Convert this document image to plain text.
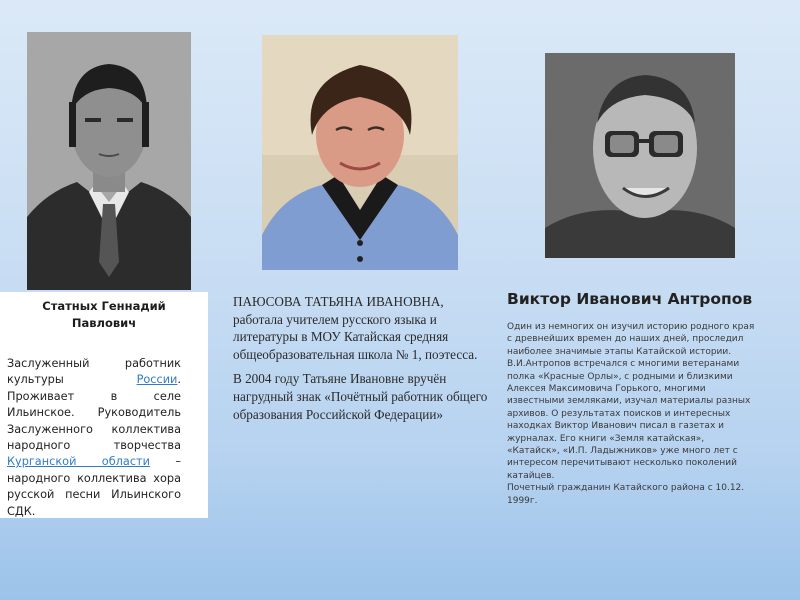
Статных Геннадий Павлович
Заслуженный работник культуры России. Проживает в селе Ильинское. Руководитель Заслуженного коллектива народного творчества Курганской области – народного коллектива хора русской песни Ильинского СДК.

ПАЮСОВА ТАТЬЯНА ИВАНОВНА, работала учителем русского языка и литературы в МОУ Катайская средняя общеобразовательная школа № 1, поэтесса.

В 2004 году Татьяне Ивановне вручён нагрудный знак «Почётный работник общего образования Российской Федерации»

Виктор Иванович Антропов
Один из немногих он изучил историю родного края с древнейших времен до наших дней, проследил наиболее значимые этапы Катайской истории. В.И.Антропов встречался с многими ветеранами полка «Красные Орлы», с родными и близкими Алексея Максимовича Горького, многими известными земляками, изучал материалы разных архивов. О результатах поисков и интересных находках Виктор Иванович писал в газетах и журналах. Его книги «Земля катайская», «Катайск», «И.П. Ладыжников» уже много лет с интересом перечитывают несколько поколений катайцев.
Почетный гражданин Катайского района с 10.12. 1999г.
